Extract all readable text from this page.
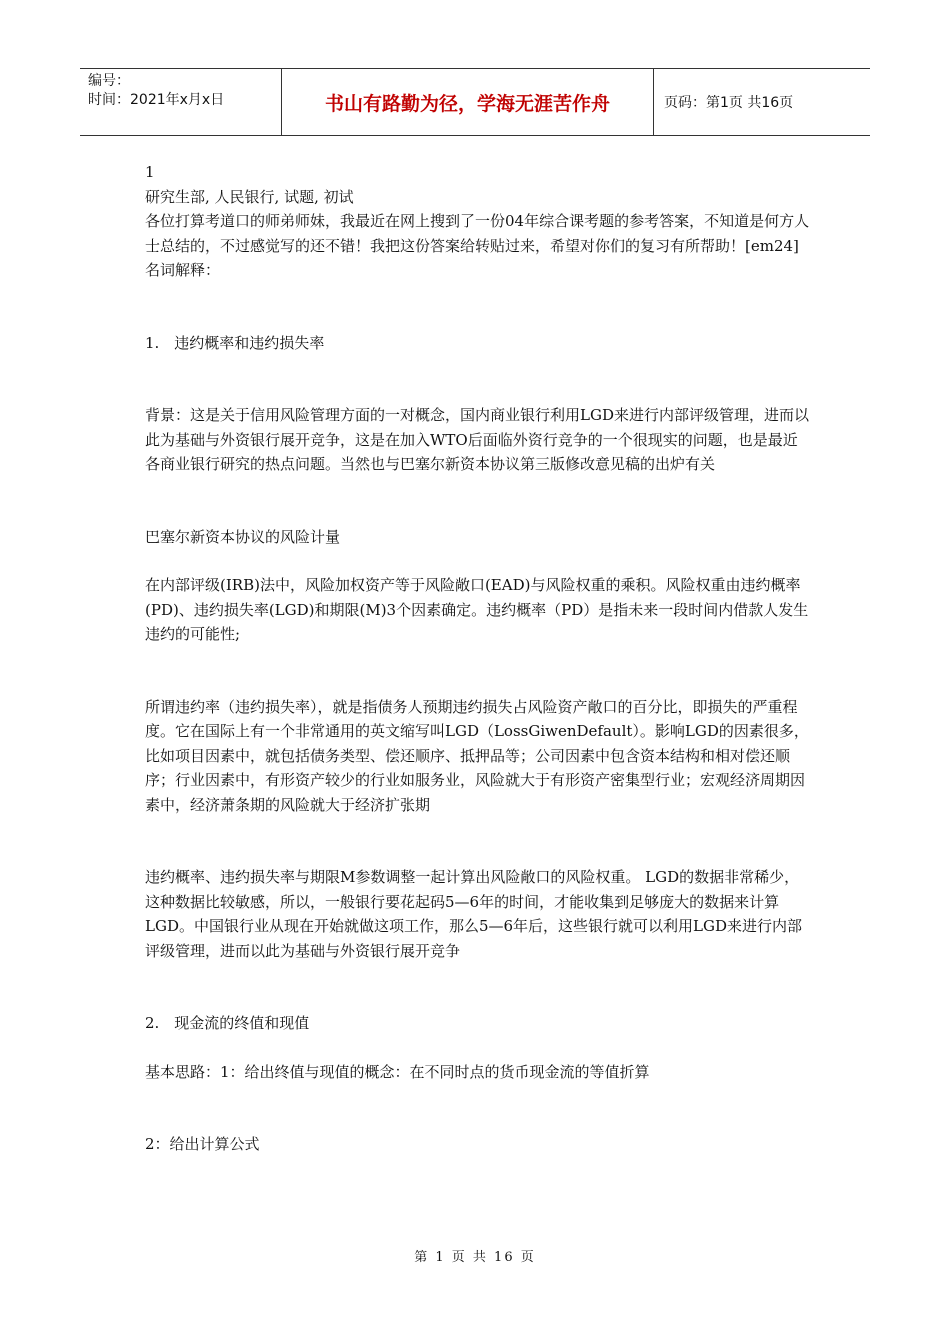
编号：
时间：2021年x月x日	书山有路勤为径，学海无涯苦作舟	页码：第1页 共16页

1

研究生部, 人民银行, 试题, 初试

各位打算考道口的师弟师妹，我最近在网上搜到了一份04年综合课考题的参考答案，不知道是何方人士总结的，不过感觉写的还不错！我把这份答案给转贴过来，希望对你们的复习有所帮助！[em24]

名词解释：

1.　违约概率和违约损失率

背景：这是关于信用风险管理方面的一对概念，国内商业银行利用LGD来进行内部评级管理，进而以此为基础与外资银行展开竞争，这是在加入WTO后面临外资行竞争的一个很现实的问题，也是最近各商业银行研究的热点问题。当然也与巴塞尔新资本协议第三版修改意见稿的出炉有关

巴塞尔新资本协议的风险计量

在内部评级(IRB)法中，风险加权资产等于风险敞口(EAD)与风险权重的乘积。风险权重由违约概率(PD)、违约损失率(LGD)和期限(M)3个因素确定。违约概率（PD）是指未来一段时间内借款人发生违约的可能性;

所谓违约率（违约损失率），就是指债务人预期违约损失占风险资产敞口的百分比，即损失的严重程度。它在国际上有一个非常通用的英文缩写叫LGD（LossGiwenDefault）。影响LGD的因素很多，比如项目因素中，就包括债务类型、偿还顺序、抵押品等；公司因素中包含资本结构和相对偿还顺序；行业因素中，有形资产较少的行业如服务业，风险就大于有形资产密集型行业；宏观经济周期因素中，经济萧条期的风险就大于经济扩张期

违约概率、违约损失率与期限M参数调整一起计算出风险敞口的风险权重。 LGD的数据非常稀少，这种数据比较敏感，所以，一般银行要花起码5—6年的时间，才能收集到足够庞大的数据来计算LGD。中国银行业从现在开始就做这项工作，那么5—6年后，这些银行就可以利用LGD来进行内部评级管理，进而以此为基础与外资银行展开竞争

2.　现金流的终值和现值

基本思路：1：给出终值与现值的概念：在不同时点的货币现金流的等值折算

2：给出计算公式

第 1 页 共 16 页
